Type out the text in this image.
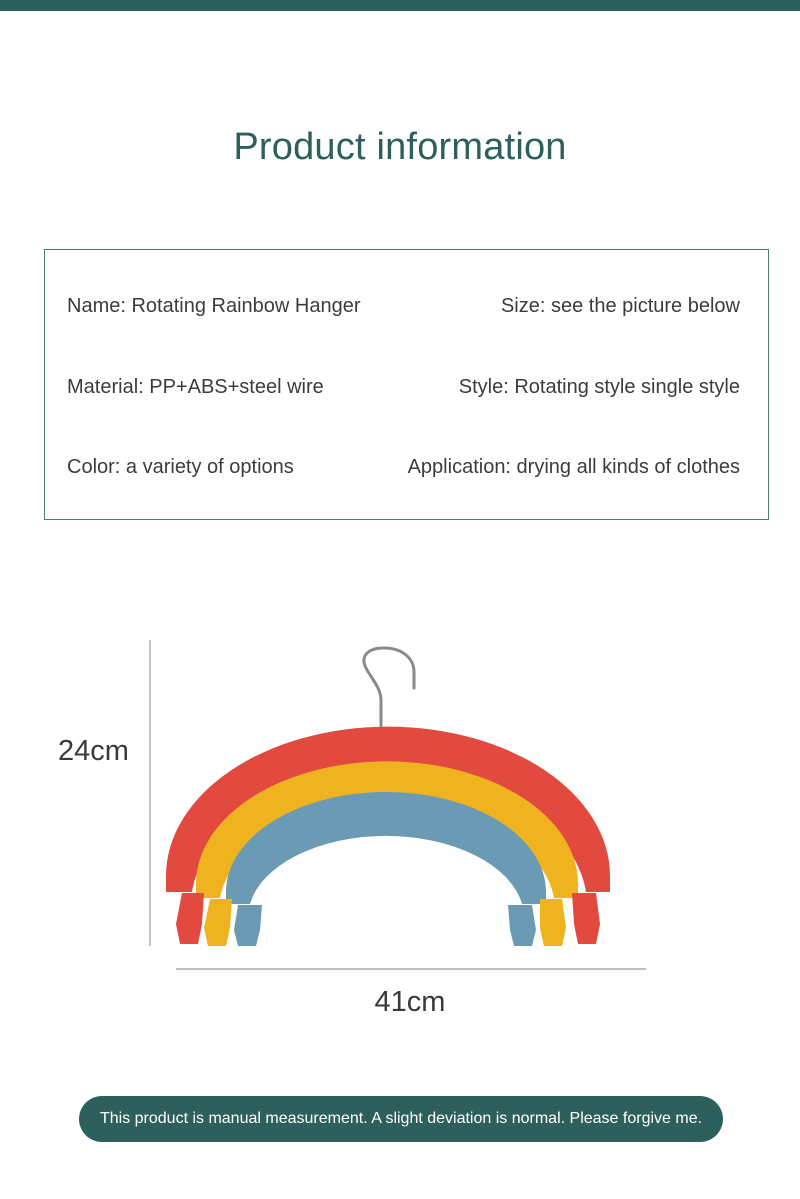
Product information
Name: Rotating Rainbow Hanger	Size: see the picture below
Material: PP+ABS+steel wire	Style: Rotating style single style
Color: a variety of options	Application: drying all kinds of clothes
24cm
41cm
This product is manual measurement. A slight deviation is normal. Please forgive me.
